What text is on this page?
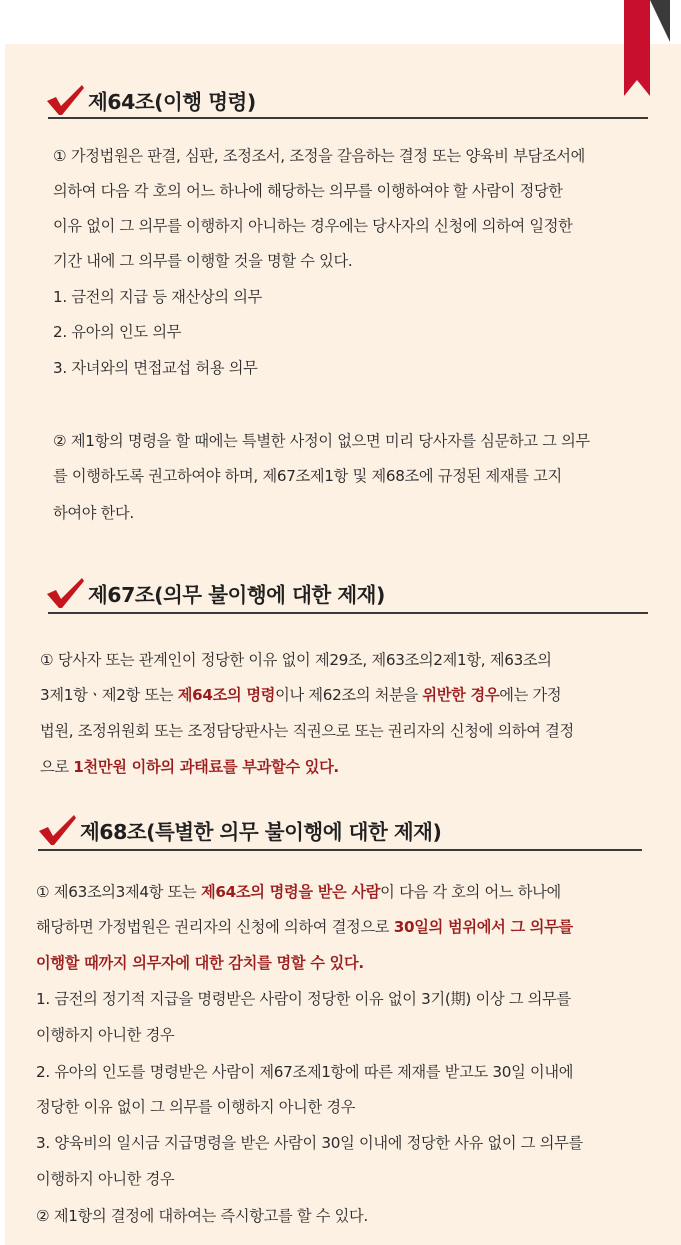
제64조(이행 명령)
① 가정법원은 판결, 심판, 조정조서, 조정을 갈음하는 결정 또는 양육비 부담조서에
의하여 다음 각 호의 어느 하나에 해당하는 의무를 이행하여야 할 사람이 정당한
이유 없이 그 의무를 이행하지 아니하는 경우에는 당사자의 신청에 의하여 일정한
기간 내에 그 의무를 이행할 것을 명할 수 있다.
1. 금전의 지급 등 재산상의 의무
2. 유아의 인도 의무
3. 자녀와의 면접교섭 허용 의무
② 제1항의 명령을 할 때에는 특별한 사정이 없으면 미리 당사자를 심문하고 그 의무
를 이행하도록 권고하여야 하며, 제67조제1항 및 제68조에 규정된 제재를 고지
하여야 한다.
제67조(의무 불이행에 대한 제재)
① 당사자 또는 관계인이 정당한 이유 없이 제29조, 제63조의2제1항, 제63조의
3제1항ㆍ제2항 또는 제64조의 명령이나 제62조의 처분을 위반한 경우에는 가정
법원, 조정위원회 또는 조정담당판사는 직권으로 또는 권리자의 신청에 의하여 결정
으로 1천만원 이하의 과태료를 부과할수 있다.
제68조(특별한 의무 불이행에 대한 제재)
① 제63조의3제4항 또는 제64조의 명령을 받은 사람이 다음 각 호의 어느 하나에
해당하면 가정법원은 권리자의 신청에 의하여 결정으로 30일의 범위에서 그 의무를
이행할 때까지 의무자에 대한 감치를 명할 수 있다.
1. 금전의 정기적 지급을 명령받은 사람이 정당한 이유 없이 3기(期) 이상 그 의무를
이행하지 아니한 경우
2. 유아의 인도를 명령받은 사람이 제67조제1항에 따른 제재를 받고도 30일 이내에
정당한 이유 없이 그 의무를 이행하지 아니한 경우
3. 양육비의 일시금 지급명령을 받은 사람이 30일 이내에 정당한 사유 없이 그 의무를
이행하지 아니한 경우
② 제1항의 결정에 대하여는 즉시항고를 할 수 있다.
